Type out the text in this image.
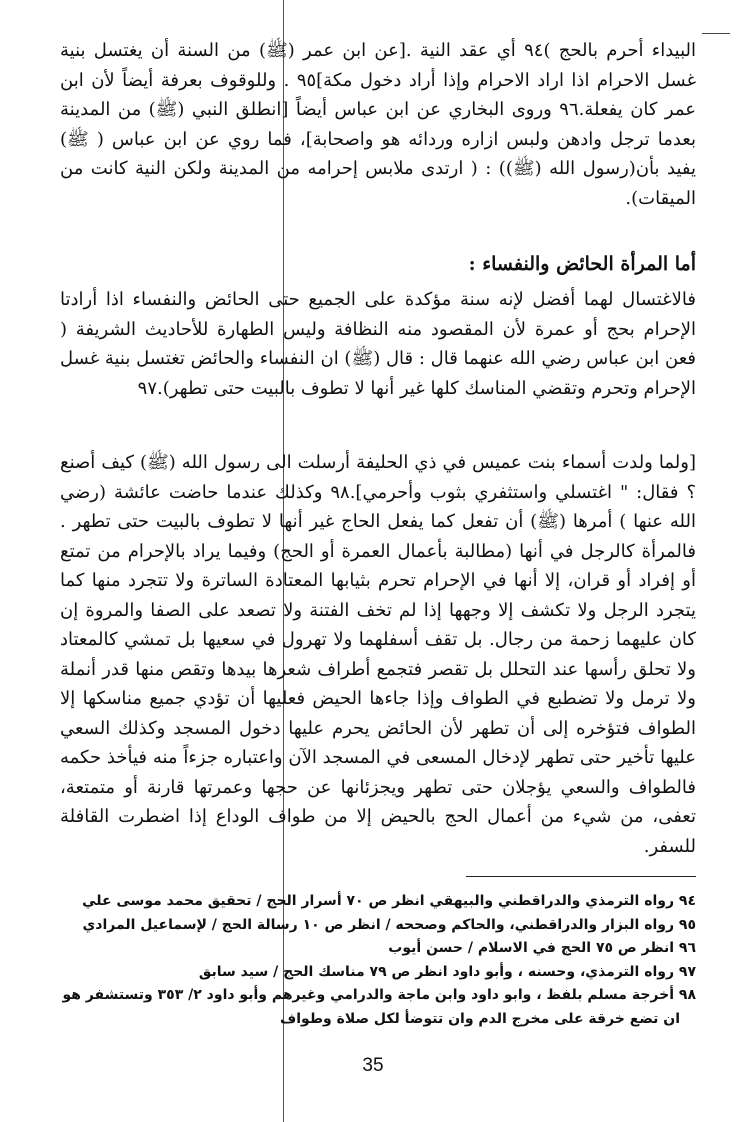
البيداء أحرم بالحج )٩٤ أي عقد النية .[عن ابن عمر (ﷺ) من السنة أن يغتسل بنية غسل الاحرام اذا اراد الاحرام وإذا أراد دخول مكة]٩٥ . وللوقوف بعرفة أيضاً لأن ابن عمر كان يفعلة.٩٦ وروى البخاري عن ابن عباس أيضاً [انطلق النبي (ﷺ) من المدينة بعدما ترجل وادهن ولبس ازاره وردائه هو واصحابة]، فما روي عن ابن عباس ( ﷺ) يفيد بأن(رسول الله (ﷺ)) : ( ارتدى ملابس إحرامه من المدينة ولكن النية كانت من الميقات).

أما المرأة الحائض والنفساء :

فالاغتسال لهما أفضل لإنه سنة مؤكدة على الجميع حتى الحائض والنفساء اذا أرادتا الإحرام بحج أو عمرة لأن المقصود منه النظافة وليس الطهارة للأحاديث الشريفة ( فعن ابن عباس رضي الله عنهما قال : قال (ﷺ) ان النفساء والحائض تغتسل بنية غسل الإحرام وتحرم وتقضي المناسك كلها غير أنها لا تطوف بالبيت حتى تطهر).٩٧

[ولما ولدت أسماء بنت عميس في ذي الحليفة أرسلت الى رسول الله (ﷺ) كيف أصنع ؟ فقال: " اغتسلي واستثفري بثوب وأحرمي].٩٨ وكذلك عندما حاضت عائشة (رضي الله عنها ) أمرها (ﷺ) أن تفعل كما يفعل الحاج غير أنها لا تطوف بالبيت حتى تطهر . فالمرأة كالرجل في أنها (مطالبة بأعمال العمرة أو الحج) وفيما يراد بالإحرام من تمتع أو إفراد أو قران، إلا أنها في الإحرام تحرم بثيابها المعتادة الساترة ولا تتجرد منها كما يتجرد الرجل ولا تكشف إلا وجهها إذا لم تخف الفتنة ولا تصعد على الصفا والمروة إن كان عليهما زحمة من رجال. بل تقف أسفلهما ولا تهرول في سعيها بل تمشي كالمعتاد ولا تحلق رأسها عند التحلل بل تقصر فتجمع أطراف شعرها بيدها وتقص منها قدر أنملة ولا ترمل ولا تضطبع في الطواف وإذا جاءها الحيض فعليها أن تؤدي جميع مناسكها إلا الطواف فتؤخره إلى أن تطهر لأن الحائض يحرم عليها دخول المسجد وكذلك السعي عليها تأخير حتى تطهر لإدخال المسعى في المسجد الآن واعتباره جزءاً منه فيأخذ حكمه فالطواف والسعي يؤجلان حتى تطهر ويجزئانها عن حجها وعمرتها قارنة أو متمتعة، تعفى، من شيء من أعمال الحج بالحيض إلا من طواف الوداع إذا اضطرت القافلة للسفر.

٩٤ رواه الترمذي والدراقطني والبيهقي انظر ص ٧٠ أسرار الحج / تحقيق محمد موسى علي
٩٥ رواه البزار والدراقطني، والحاكم وصححه / انظر ص ١٠ رسالة الحج / لإسماعيل المرادي
٩٦ انظر ص ٧٥ الحج في الاسلام / حسن أيوب
٩٧ رواه الترمذي، وحسنه ، وأبو داود انظر ص ٧٩ مناسك الحج / سيد سابق
٩٨ أخرجة مسلم بلفظ ، وابو داود وابن ماجة والدرامي وغيرهم وأبو داود ٢/ ٣٥٣ وتستشفر هو
ان تضع خرقة على مخرج الدم وان تتوضأ لكل صلاة وطواف
35
